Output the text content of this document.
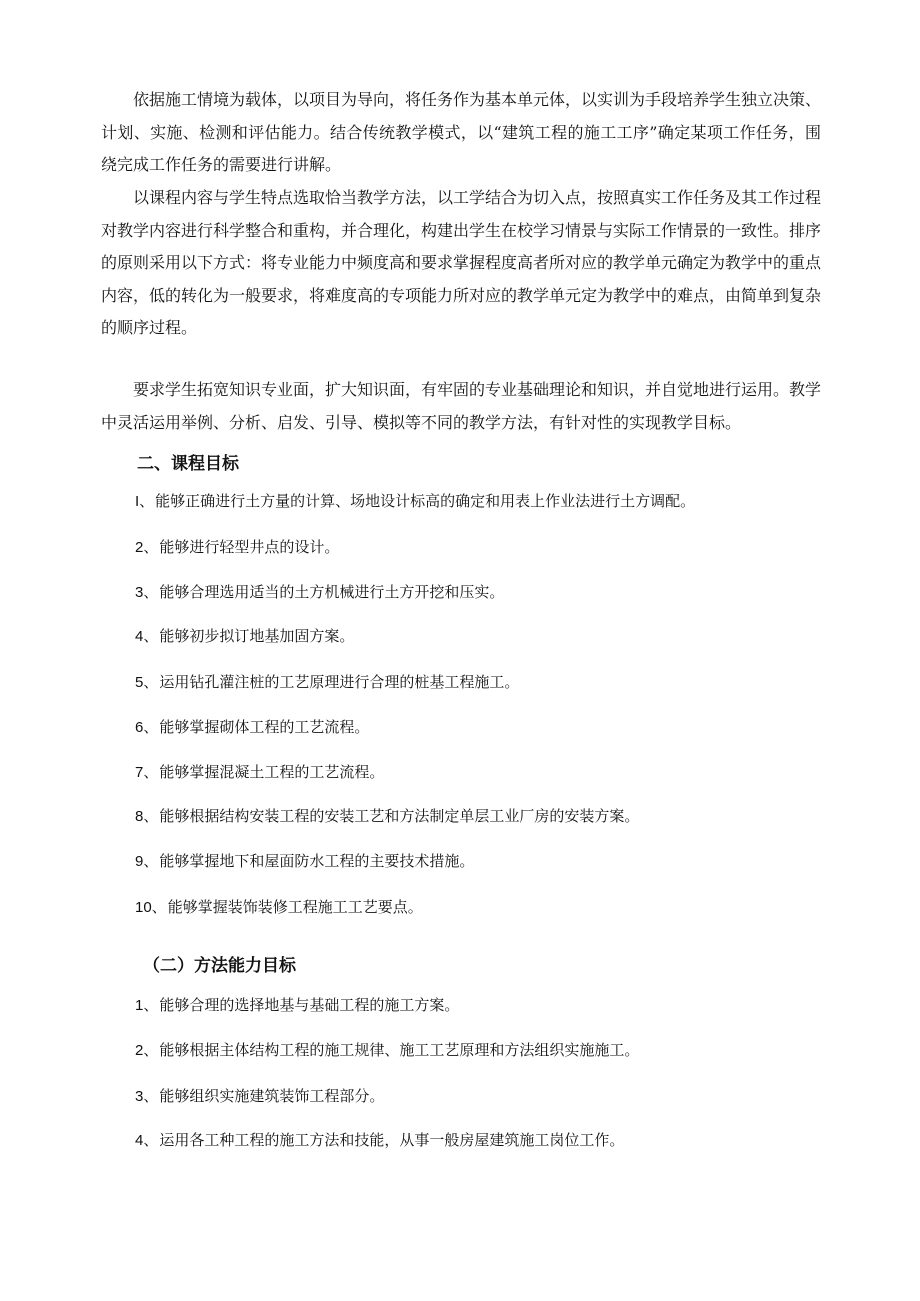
依据施工情境为载体，以项目为导向，将任务作为基本单元体，以实训为手段培养学生独立决策、计划、实施、检测和评估能力。结合传统教学模式，以“建筑工程的施工工序”确定某项工作任务，围绕完成工作任务的需要进行讲解。

以课程内容与学生特点选取恰当教学方法，以工学结合为切入点，按照真实工作任务及其工作过程对教学内容进行科学整合和重构，并合理化，构建出学生在校学习情景与实际工作情景的一致性。排序的原则采用以下方式：将专业能力中频度高和要求掌握程度高者所对应的教学单元确定为教学中的重点内容，低的转化为一般要求，将难度高的专项能力所对应的教学单元定为教学中的难点，由简单到复杂的顺序过程。

要求学生拓宽知识专业面，扩大知识面，有牢固的专业基础理论和知识，并自觉地进行运用。教学中灵活运用举例、分析、启发、引导、模拟等不同的教学方法，有针对性的实现教学目标。

二、课程目标

I、能够正确进行土方量的计算、场地设计标高的确定和用表上作业法进行土方调配。

2、能够进行轻型井点的设计。

3、能够合理选用适当的土方机械进行土方开挖和压实。

4、能够初步拟订地基加固方案。

5、运用钻孔灌注桩的工艺原理进行合理的桩基工程施工。

6、能够掌握砌体工程的工艺流程。

7、能够掌握混凝土工程的工艺流程。

8、能够根据结构安装工程的安装工艺和方法制定单层工业厂房的安装方案。

9、能够掌握地下和屋面防水工程的主要技术措施。

10、能够掌握装饰装修工程施工工艺要点。

（二）方法能力目标

1、能够合理的选择地基与基础工程的施工方案。

2、能够根据主体结构工程的施工规律、施工工艺原理和方法组织实施施工。

3、能够组织实施建筑装饰工程部分。

4、运用各工种工程的施工方法和技能，从事一般房屋建筑施工岗位工作。
